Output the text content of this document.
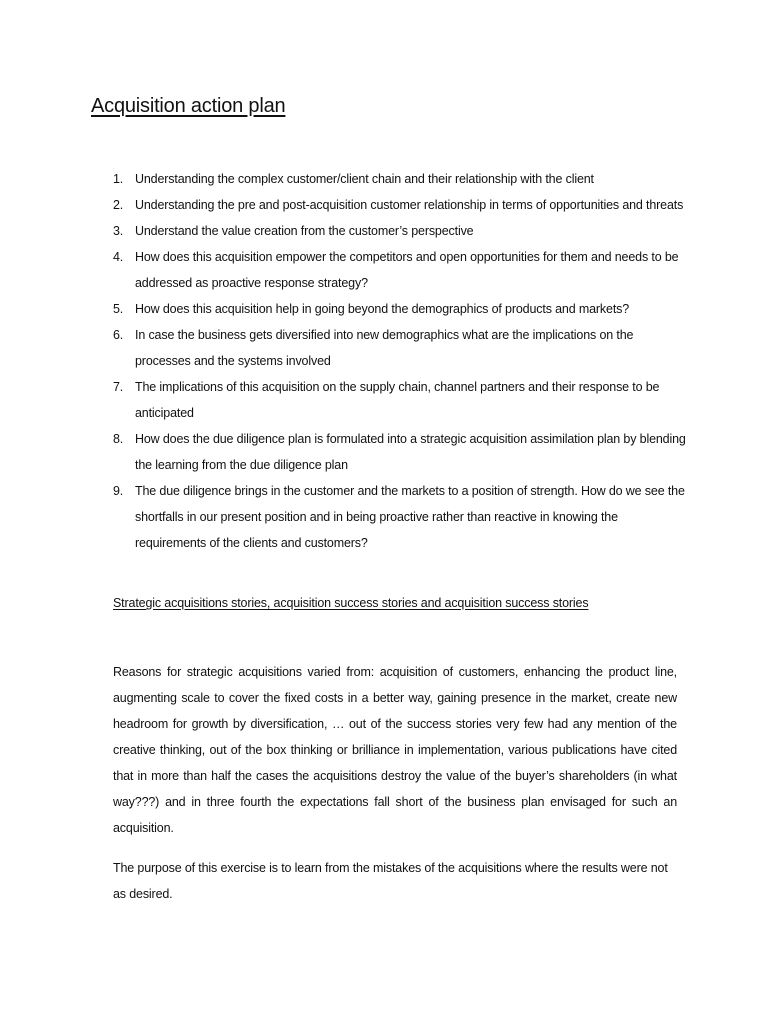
Acquisition action plan
1. Understanding the complex customer/client chain and their relationship with the client
2. Understanding the pre and post-acquisition customer relationship in terms of opportunities and threats
3. Understand the value creation from the customer’s perspective
4. How does this acquisition empower the competitors and open opportunities for them and needs to be addressed as proactive response strategy?
5. How does this acquisition help in going beyond the demographics of products and markets?
6. In case the business gets diversified into new demographics what are the implications on the processes and the systems involved
7. The implications of this acquisition on the supply chain, channel partners and their response to be anticipated
8. How does the due diligence plan is formulated into a strategic acquisition assimilation plan by blending the learning from the due diligence plan
9. The due diligence brings in the customer and the markets to a position of strength. How do we see the shortfalls in our present position and in being proactive rather than reactive in knowing the requirements of the clients and customers?
Strategic acquisitions stories, acquisition success stories and acquisition success stories

Reasons for strategic acquisitions varied from: acquisition of customers, enhancing the product line, augmenting scale to cover the fixed costs in a better way, gaining presence in the market, create new headroom for growth by diversification, … out of the success stories very few had any mention of the creative thinking, out of the box thinking or brilliance in implementation, various publications have cited that in more than half the cases the acquisitions destroy the value of the buyer’s shareholders (in what way???) and in three fourth the expectations fall short of the business plan envisaged for such an acquisition.

The purpose of this exercise is to learn from the mistakes of the acquisitions where the results were not as desired.
